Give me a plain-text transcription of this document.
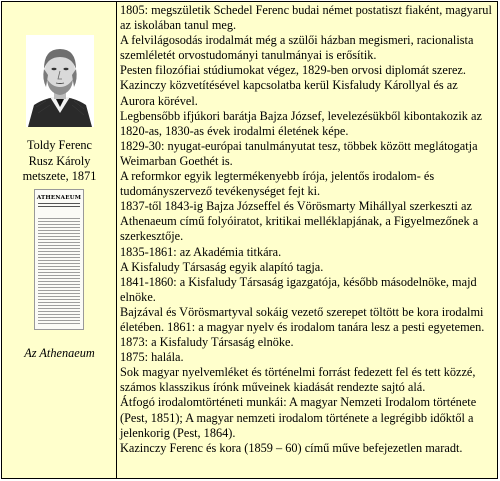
Toldy Ferenc
Rusz Károly
metszete, 1871
ATHENAEUM
Az Athenaeum

1805: megszületik Schedel Ferenc budai német postatiszt fiaként, magyarul az iskolában tanul meg.

A felvilágosodás irodalmát még a szülői házban megismeri, racionalista szemléletét orvostudományi tanulmányai is erősítik.

Pesten filozófiai stúdiumokat végez, 1829-ben orvosi diplomát szerez.

Kazinczy közvetítésével kapcsolatba kerül Kisfaludy Károllyal és az Aurora körével.

Legbensőbb ifjúkori barátja Bajza József, levelezésükből kibontakozik az 1820-as, 1830-as évek irodalmi életének képe.

1829-30: nyugat-európai tanulmányutat tesz, többek között meglátogatja Weimarban Goethét is.

A reformkor egyik legtermékenyebb írója, jelentős irodalom- és tudományszervező tevékenységet fejt ki.

1837-től 1843-ig Bajza Józseffel és Vörösmarty Mihállyal szerkeszti az Athenaeum című folyóiratot, kritikai melléklapjának, a Figyelmezőnek a szerkesztője.

1835-1861: az Akadémia titkára.

A Kisfaludy Társaság egyik alapító tagja.

1841-1860: a Kisfaludy Társaság igazgatója, később másodelnöke, majd elnöke.

Bajzával és Vörösmartyval sokáig vezető szerepet töltött be kora irodalmi életében. 1861: a magyar nyelv és irodalom tanára lesz a pesti egyetemen.

1873: a Kisfaludy Társaság elnöke.

1875: halála.

Sok magyar nyelvemléket és történelmi forrást fedezett fel és tett közzé, számos klasszikus írónk műveinek kiadását rendezte sajtó alá.

Átfogó irodalomtörténeti munkái: A magyar Nemzeti Irodalom története (Pest, 1851); A magyar nemzeti irodalom története a legrégibb időktől a jelenkorig (Pest, 1864).

Kazinczy Ferenc és kora (1859 – 60) című műve befejezetlen maradt.
